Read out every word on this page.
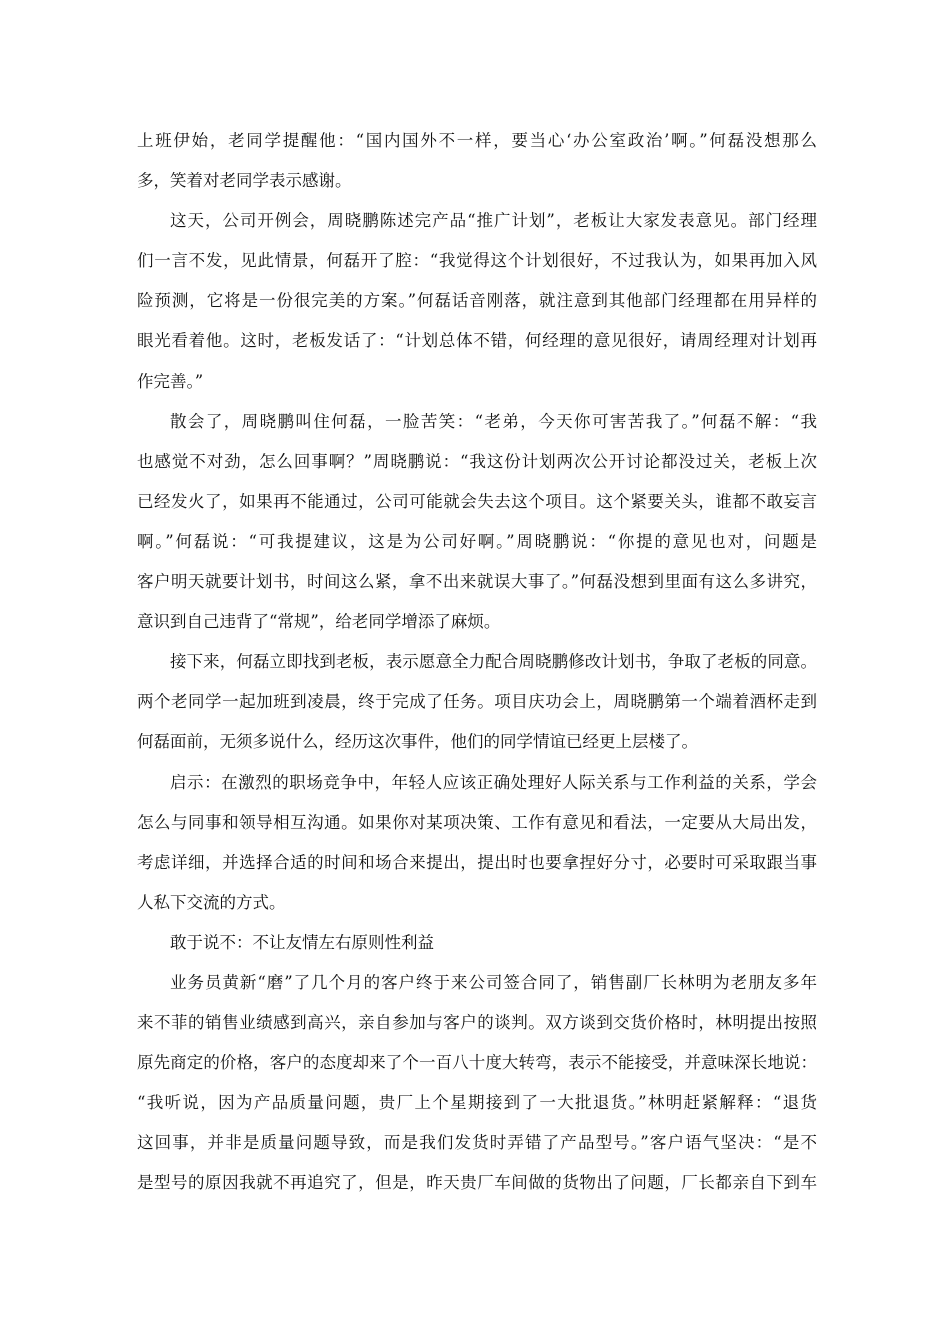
上班伊始，老同学提醒他：“国内国外不一样，要当心‘办公室政治’啊。”何磊没想那么
多，笑着对老同学表示感谢。
这天，公司开例会，周晓鹏陈述完产品“推广计划”，老板让大家发表意见。部门经理
们一言不发，见此情景，何磊开了腔：“我觉得这个计划很好，不过我认为，如果再加入风
险预测，它将是一份很完美的方案。”何磊话音刚落，就注意到其他部门经理都在用异样的
眼光看着他。这时，老板发话了：“计划总体不错，何经理的意见很好，请周经理对计划再
作完善。”
散会了，周晓鹏叫住何磊，一脸苦笑：“老弟，今天你可害苦我了。”何磊不解：“我
也感觉不对劲，怎么回事啊？”周晓鹏说：“我这份计划两次公开讨论都没过关，老板上次
已经发火了，如果再不能通过，公司可能就会失去这个项目。这个紧要关头，谁都不敢妄言
啊。”何磊说：“可我提建议，这是为公司好啊。”周晓鹏说：“你提的意见也对，问题是
客户明天就要计划书，时间这么紧，拿不出来就误大事了。”何磊没想到里面有这么多讲究，
意识到自己违背了“常规”，给老同学增添了麻烦。
接下来，何磊立即找到老板，表示愿意全力配合周晓鹏修改计划书，争取了老板的同意。
两个老同学一起加班到凌晨，终于完成了任务。项目庆功会上，周晓鹏第一个端着酒杯走到
何磊面前，无须多说什么，经历这次事件，他们的同学情谊已经更上层楼了。
启示：在激烈的职场竞争中，年轻人应该正确处理好人际关系与工作利益的关系，学会
怎么与同事和领导相互沟通。如果你对某项决策、工作有意见和看法，一定要从大局出发，
考虑详细，并选择合适的时间和场合来提出，提出时也要拿捏好分寸，必要时可采取跟当事
人私下交流的方式。
敢于说不：不让友情左右原则性利益
业务员黄新“磨”了几个月的客户终于来公司签合同了，销售副厂长林明为老朋友多年
来不菲的销售业绩感到高兴，亲自参加与客户的谈判。双方谈到交货价格时，林明提出按照
原先商定的价格，客户的态度却来了个一百八十度大转弯，表示不能接受，并意味深长地说：
“我听说，因为产品质量问题，贵厂上个星期接到了一大批退货。”林明赶紧解释：“退货
这回事，并非是质量问题导致，而是我们发货时弄错了产品型号。”客户语气坚决：“是不
是型号的原因我就不再追究了，但是，昨天贵厂车间做的货物出了问题，厂长都亲自下到车
